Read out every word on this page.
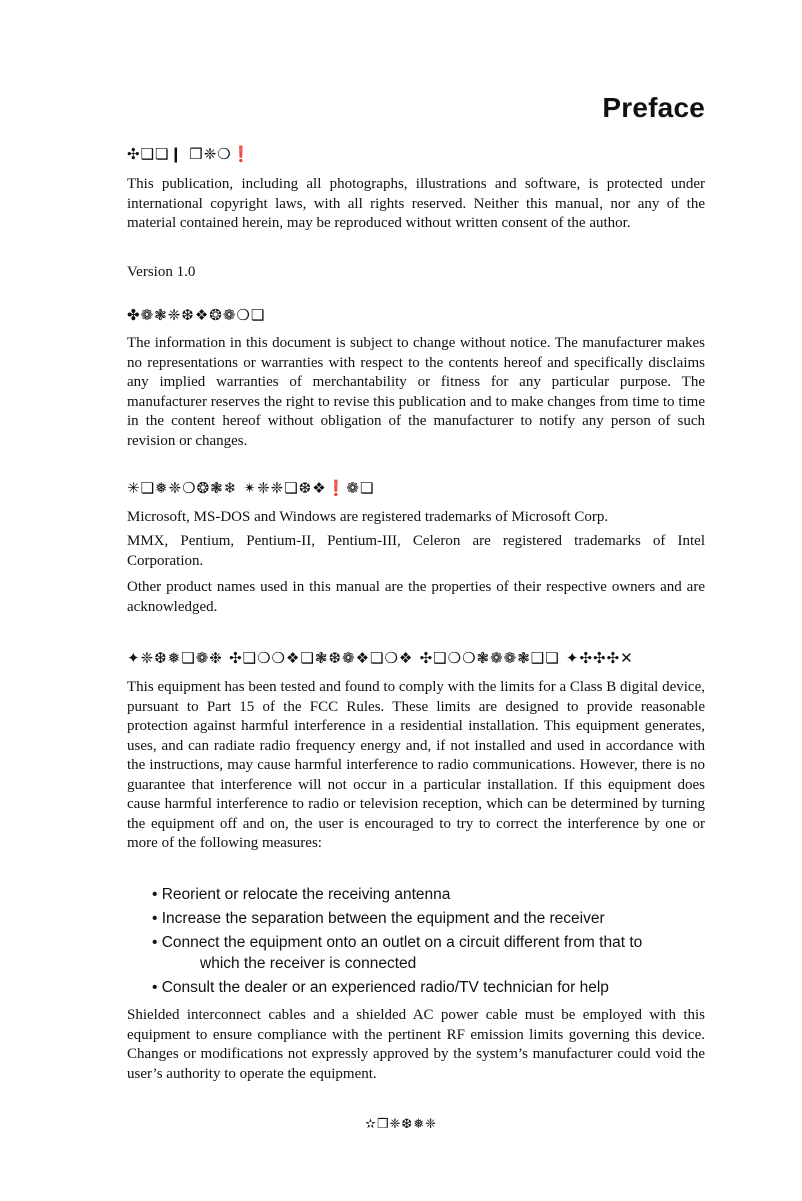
Preface
✣❑❏❙ ❒❈❍❗

This publication, including all photographs, illustrations and software, is protected under international copyright laws, with all rights reserved. Neither this manual, nor any of the material contained herein, may be reproduced without written consent of the author.

Version 1.0

✤❁❃❈❆❖❂❁❍❏

The information in this document is subject to change without notice. The manufacturer makes no representations or warranties with respect to the contents hereof and specifically disclaims any implied warranties of merchantability or fitness for any particular purpose. The manufacturer reserves the right to revise this publication and to make changes from time to time in the content hereof without obligation of the manufacturer to notify any person of such revision or changes.

✳❏❅❈❍❂❃❄ ✴❈❈❏❆❖❗❁❏

Microsoft, MS-DOS and Windows are registered trademarks of Microsoft Corp.

MMX, Pentium, Pentium-II, Pentium-III, Celeron are registered trademarks of Intel Corporation.

Other product names used in this manual are the properties of their respective owners and are acknowledged.

✦❈❆❅❏❁❉ ✣❑❍❍❖❏❃❆❁❖❏❍❖ ✣❑❍❍❃❁❁❃❑❏ ✦✣✣✣✕

This equipment has been tested and found to comply with the limits for a Class B digital device, pursuant to Part 15 of the FCC Rules. These limits are designed to provide reasonable protection against harmful interference in a residential installation. This equipment generates, uses, and can radiate radio frequency energy and, if not installed and used in accordance with the instructions, may cause harmful interference to radio communications. However, there is no guarantee that interference will not occur in a particular installation. If this equipment does cause harmful interference to radio or television reception, which can be determined by turning the equipment off and on, the user is encouraged to try to correct the interference by one or more of the following measures:

• Reorient or relocate the receiving antenna
• Increase the separation between the equipment and the receiver
• Connect the equipment onto an outlet on a circuit different from that to
which the receiver is connected
• Consult the dealer or an experienced radio/TV technician for help

Shielded interconnect cables and a shielded AC power cable must be employed with this equipment to ensure compliance with the pertinent RF emission limits governing this device. Changes or modifications not expressly approved by the system’s manufacturer could void the user’s authority to operate the equipment.

✫❒❈❆❅❈
